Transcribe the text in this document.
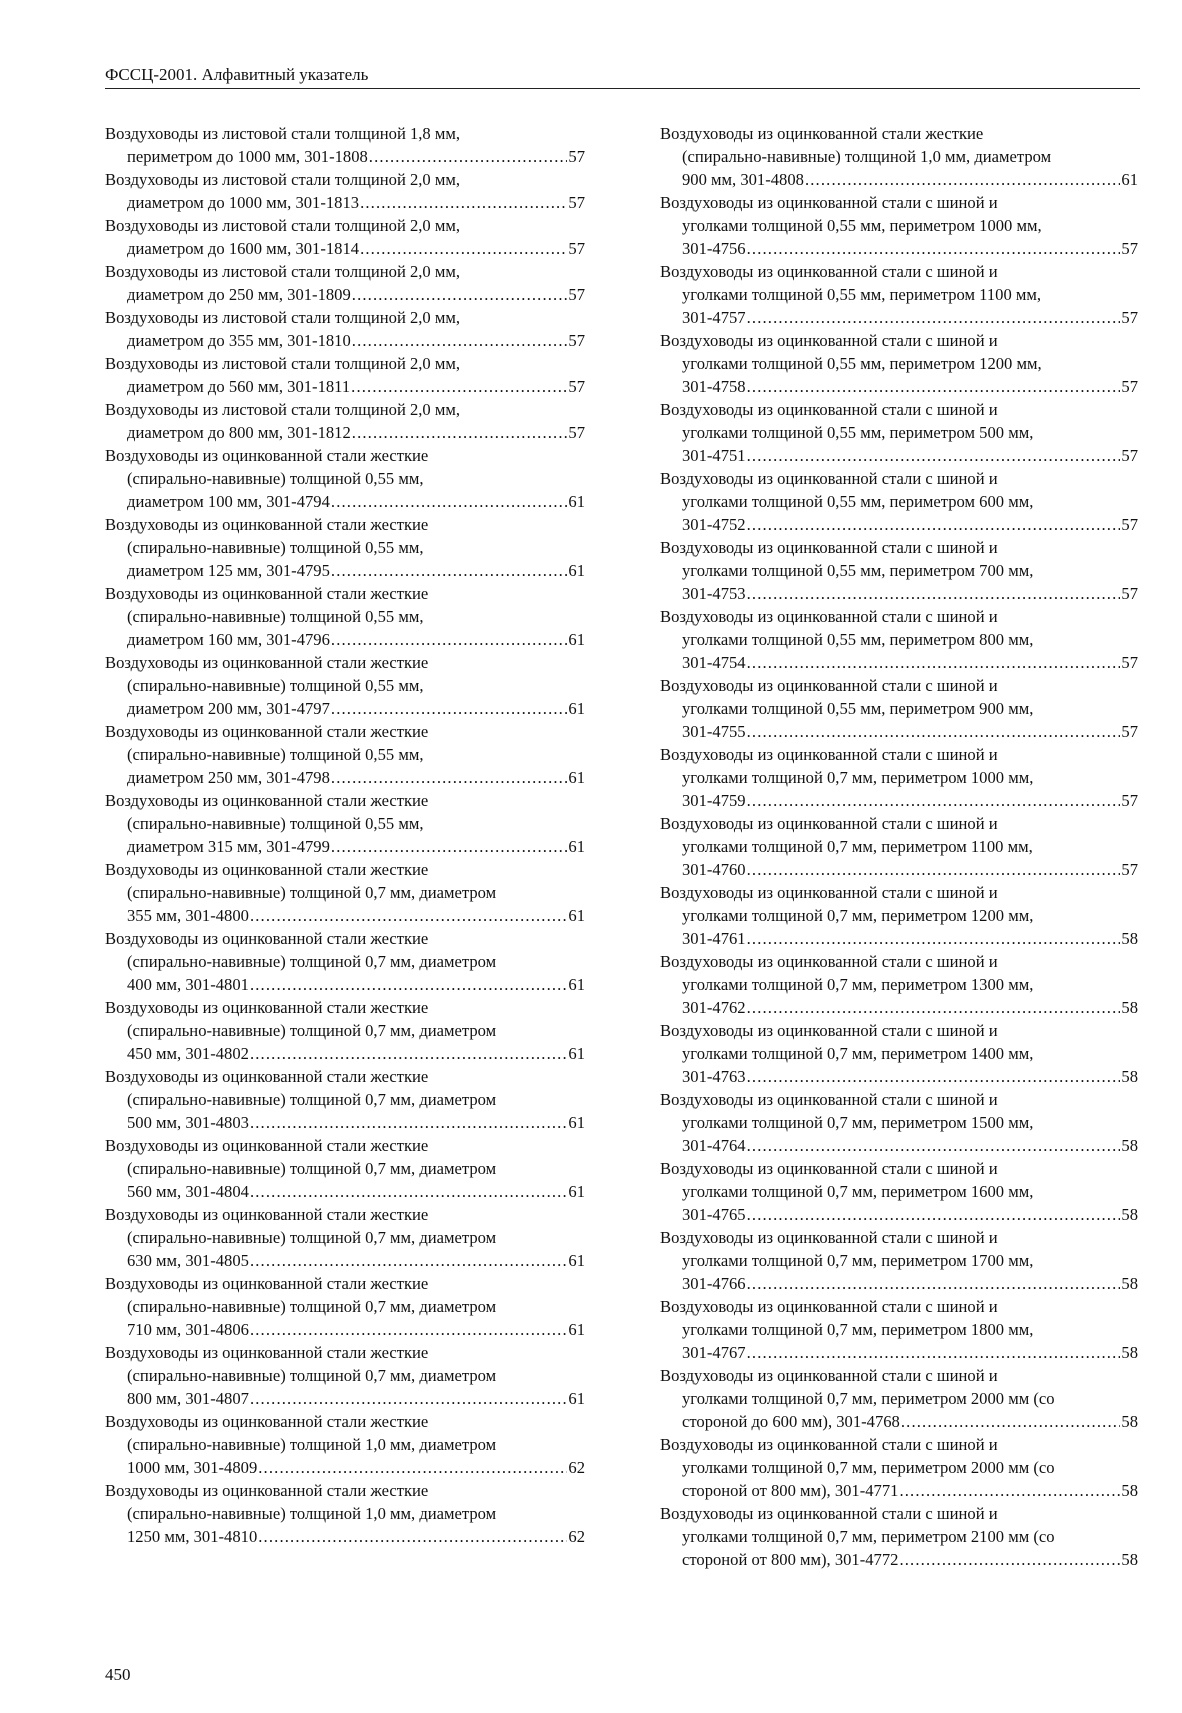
ФССЦ-2001. Алфавитный указатель
Воздуховоды из листовой стали толщиной 1,8 мм,
периметром до 1000 мм, 301-1808 . . .	57
Воздуховоды из листовой стали толщиной 2,0 мм,
диаметром до 1000 мм, 301-1813 . . .	57
Воздуховоды из листовой стали толщиной 2,0 мм,
диаметром до 1600 мм, 301-1814 . . .	57
Воздуховоды из листовой стали толщиной 2,0 мм,
диаметром до 250 мм, 301-1809 . . .	57
Воздуховоды из листовой стали толщиной 2,0 мм,
диаметром до 355 мм, 301-1810 . . .	57
Воздуховоды из листовой стали толщиной 2,0 мм,
диаметром до 560 мм, 301-1811 . . .	57
Воздуховоды из листовой стали толщиной 2,0 мм,
диаметром до 800 мм, 301-1812 . . .	57
Воздуховоды из оцинкованной стали жесткие
(спирально-навивные) толщиной 0,55 мм,
диаметром 100 мм, 301-4794 . . .	61
Воздуховоды из оцинкованной стали жесткие
(спирально-навивные) толщиной 0,55 мм,
диаметром 125 мм, 301-4795 . . .	61
Воздуховоды из оцинкованной стали жесткие
(спирально-навивные) толщиной 0,55 мм,
диаметром 160 мм, 301-4796 . . .	61
Воздуховоды из оцинкованной стали жесткие
(спирально-навивные) толщиной 0,55 мм,
диаметром 200 мм, 301-4797 . . .	61
Воздуховоды из оцинкованной стали жесткие
(спирально-навивные) толщиной 0,55 мм,
диаметром 250 мм, 301-4798 . . .	61
Воздуховоды из оцинкованной стали жесткие
(спирально-навивные) толщиной 0,55 мм,
диаметром 315 мм, 301-4799 . . .	61
Воздуховоды из оцинкованной стали жесткие
(спирально-навивные) толщиной 0,7 мм, диаметром
355 мм, 301-4800 . . .	61
Воздуховоды из оцинкованной стали жесткие
(спирально-навивные) толщиной 0,7 мм, диаметром
400 мм, 301-4801 . . .	61
Воздуховоды из оцинкованной стали жесткие
(спирально-навивные) толщиной 0,7 мм, диаметром
450 мм, 301-4802 . . .	61
Воздуховоды из оцинкованной стали жесткие
(спирально-навивные) толщиной 0,7 мм, диаметром
500 мм, 301-4803 . . .	61
Воздуховоды из оцинкованной стали жесткие
(спирально-навивные) толщиной 0,7 мм, диаметром
560 мм, 301-4804 . . .	61
Воздуховоды из оцинкованной стали жесткие
(спирально-навивные) толщиной 0,7 мм, диаметром
630 мм, 301-4805 . . .	61
Воздуховоды из оцинкованной стали жесткие
(спирально-навивные) толщиной 0,7 мм, диаметром
710 мм, 301-4806 . . .	61
Воздуховоды из оцинкованной стали жесткие
(спирально-навивные) толщиной 0,7 мм, диаметром
800 мм, 301-4807 . . .	61
Воздуховоды из оцинкованной стали жесткие
(спирально-навивные) толщиной 1,0 мм, диаметром
1000 мм, 301-4809 . . .	62
Воздуховоды из оцинкованной стали жесткие
(спирально-навивные) толщиной 1,0 мм, диаметром
1250 мм, 301-4810 . . .	62
Воздуховоды из оцинкованной стали жесткие
(спирально-навивные) толщиной 1,0 мм, диаметром
900 мм, 301-4808 . . .	61
Воздуховоды из оцинкованной стали с шиной и
уголками толщиной 0,55 мм, периметром 1000 мм,
301-4756 . . .	57
Воздуховоды из оцинкованной стали с шиной и
уголками толщиной 0,55 мм, периметром 1100 мм,
301-4757 . . .	57
Воздуховоды из оцинкованной стали с шиной и
уголками толщиной 0,55 мм, периметром 1200 мм,
301-4758 . . .	57
Воздуховоды из оцинкованной стали с шиной и
уголками толщиной 0,55 мм, периметром 500 мм,
301-4751 . . .	57
Воздуховоды из оцинкованной стали с шиной и
уголками толщиной 0,55 мм, периметром 600 мм,
301-4752 . . .	57
Воздуховоды из оцинкованной стали с шиной и
уголками толщиной 0,55 мм, периметром 700 мм,
301-4753 . . .	57
Воздуховоды из оцинкованной стали с шиной и
уголками толщиной 0,55 мм, периметром 800 мм,
301-4754 . . .	57
Воздуховоды из оцинкованной стали с шиной и
уголками толщиной 0,55 мм, периметром 900 мм,
301-4755 . . .	57
Воздуховоды из оцинкованной стали с шиной и
уголками толщиной 0,7 мм, периметром 1000 мм,
301-4759 . . .	57
Воздуховоды из оцинкованной стали с шиной и
уголками толщиной 0,7 мм, периметром 1100 мм,
301-4760 . . .	57
Воздуховоды из оцинкованной стали с шиной и
уголками толщиной 0,7 мм, периметром 1200 мм,
301-4761 . . .	58
Воздуховоды из оцинкованной стали с шиной и
уголками толщиной 0,7 мм, периметром 1300 мм,
301-4762 . . .	58
Воздуховоды из оцинкованной стали с шиной и
уголками толщиной 0,7 мм, периметром 1400 мм,
301-4763 . . .	58
Воздуховоды из оцинкованной стали с шиной и
уголками толщиной 0,7 мм, периметром 1500 мм,
301-4764 . . .	58
Воздуховоды из оцинкованной стали с шиной и
уголками толщиной 0,7 мм, периметром 1600 мм,
301-4765 . . .	58
Воздуховоды из оцинкованной стали с шиной и
уголками толщиной 0,7 мм, периметром 1700 мм,
301-4766 . . .	58
Воздуховоды из оцинкованной стали с шиной и
уголками толщиной 0,7 мм, периметром 1800 мм,
301-4767 . . .	58
Воздуховоды из оцинкованной стали с шиной и
уголками толщиной 0,7 мм, периметром 2000 мм (со
стороной до 600 мм), 301-4768 . . .	58
Воздуховоды из оцинкованной стали с шиной и
уголками толщиной 0,7 мм, периметром 2000 мм (со
стороной от 800 мм), 301-4771 . . .	58
Воздуховоды из оцинкованной стали с шиной и
уголками толщиной 0,7 мм, периметром 2100 мм (со
стороной от 800 мм), 301-4772 . . .	58
450
